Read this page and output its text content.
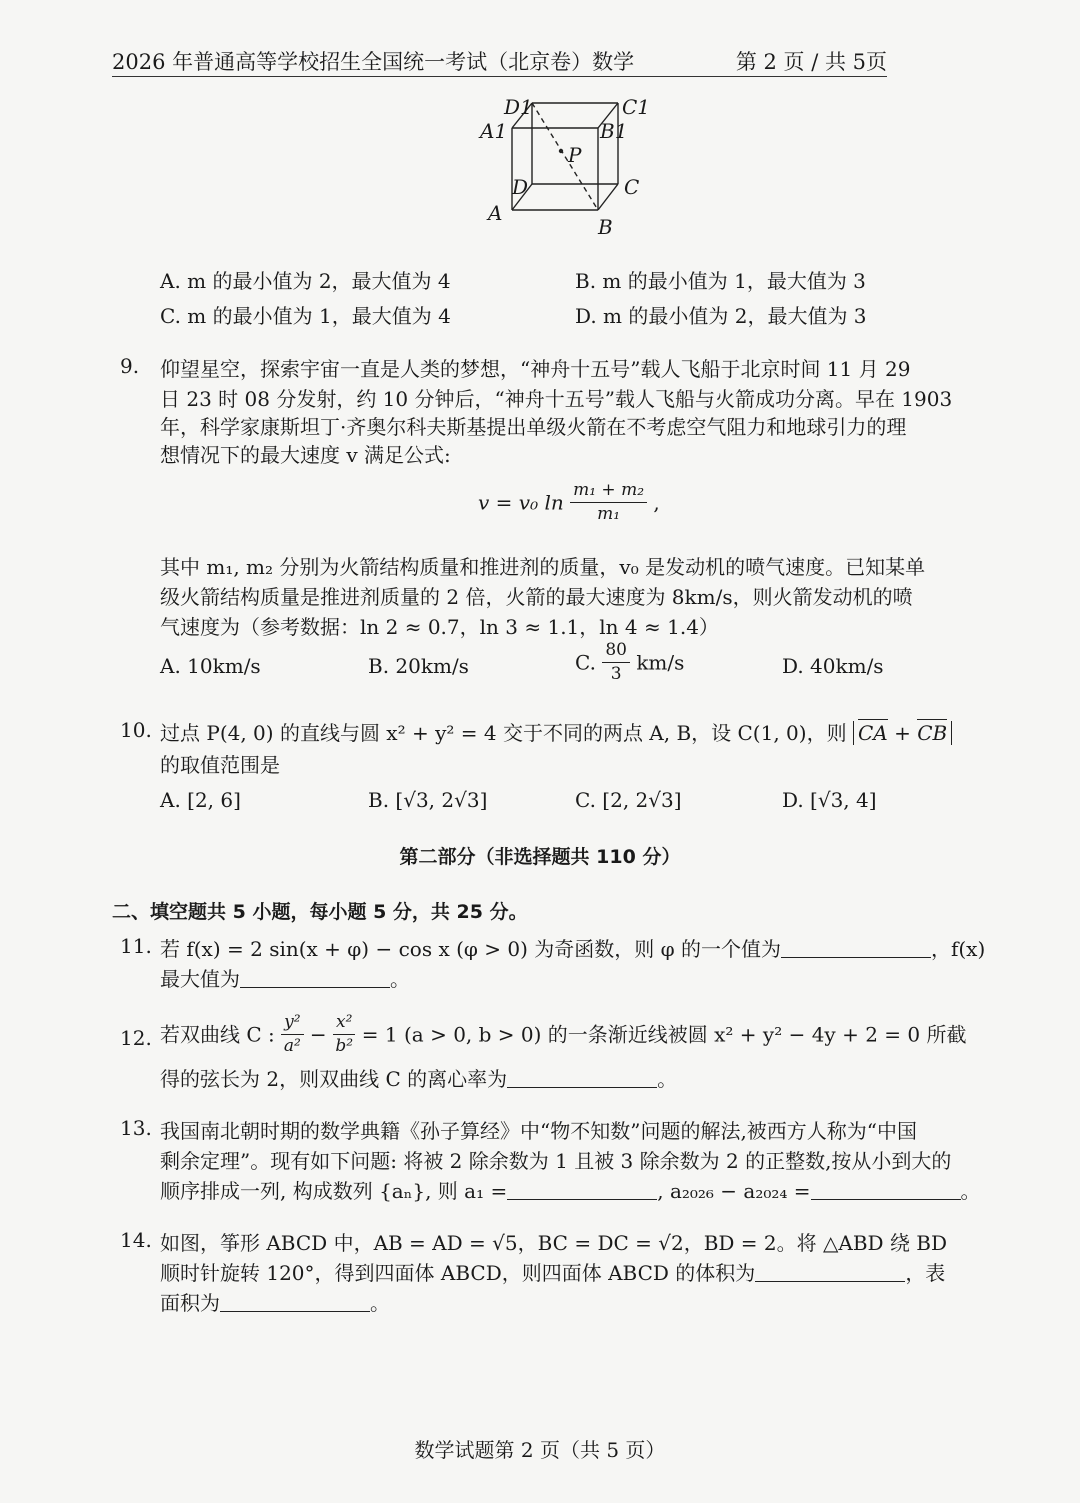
2026 年普通高等学校招生全国统一考试（北京卷）数学	第 2 页 / 共 5页
D1	C1
A1	B1
P
D	C
A
B
A. m 的最小值为 2，最大值为 4	B. m 的最小值为 1，最大值为 3
C. m 的最小值为 1，最大值为 4	D. m 的最小值为 2，最大值为 3
9. 仰望星空，探索宇宙一直是人类的梦想，“神舟十五号”载人飞船于北京时间 11 月 29
日 23 时 08 分发射，约 10 分钟后，“神舟十五号”载人飞船与火箭成功分离。早在 1903
年，科学家康斯坦丁·齐奥尔科夫斯基提出单级火箭在不考虑空气阻力和地球引力的理
想情况下的最大速度 v 满足公式:
v = v₀ $\ln \frac{\text{m₁ + m₂}}{\text{m₁}}$ ,
其中 m₁, m₂ 分别为火箭结构质量和推进剂的质量，v₀ 是发动机的喷气速度。已知某单
级火箭结构质量是推进剂质量的 2 倍，火箭的最大速度为 8km/s，则火箭发动机的喷
气速度为（参考数据：ln 2 ≈ 0.7，ln 3 ≈ 1.1，ln 4 ≈ 1.4）
A. 10km/s	B. 20km/s	C. $\frac{80}{3} km/s$	D. 40km/s
10. 过点 P(4, 0) 的直线与圆 x² + y² = 4 交于不同的两点 A, B，设 C(1, 0)，则 CA + CB
的取值范围是
A. [2, 6]	B. [√3, 2√3]	C. [2, 2√3]	D. [√3, 4]
第二部分（非选择题共 110 分）
二、填空题共 5 小题，每小题 5 分，共 25 分。
11. 若 f(x) = 2 sin(x + φ) − cos x (φ > 0) 为奇函数，则 φ 的一个值为	，f(x)
最大值为	。
12. 若双曲线 C : $\frac{\text{y²}}{\text{a²}} - \frac{\text{x²}}{\text{b²}} = 1$ (a > 0, b > 0) 的一条渐近线被圆 x² + y² − 4y + 2 = 0 所截
得的弦长为 2，则双曲线 C 的离心率为	。
13. 我国南北朝时期的数学典籍《孙子算经》中“物不知数”问题的解法,被西方人称为“中国
剩余定理”。现有如下问题: 将被 2 除余数为 1 且被 3 除余数为 2 的正整数,按从小到大的
顺序排成一列, 构成数列 {aₙ}, 则 a₁ =	, a₂₀₂₆ − a₂₀₂₄ =	。
14. 如图，筝形 ABCD 中，AB = AD = √5，BC = DC = √2，BD = 2。将 △ABD 绕 BD
顺时针旋转 120°，得到四面体 ABCD，则四面体 ABCD 的体积为	，表
面积为	。
数学试题第 2 页（共 5 页）
